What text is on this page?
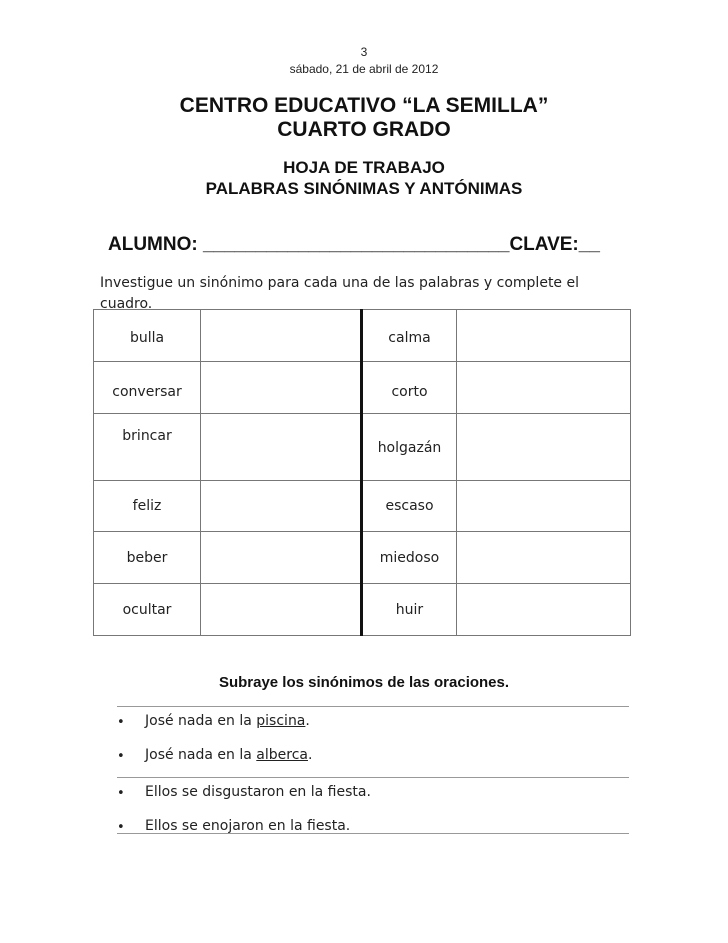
3
sábado, 21 de abril de 2012
CENTRO EDUCATIVO “LA SEMILLA”
CUARTO GRADO
HOJA DE TRABAJO
PALABRAS SINÓNIMAS Y ANTÓNIMAS
ALUMNO: _____________________________CLAVE:__
Investigue un sinónimo para cada una de las palabras y complete el cuadro.
bulla		calma	
conversar		corto	
brincar		holgazán	
feliz		escaso	
beber		miedoso	
ocultar		huir	
Subraye los sinónimos de las oraciones.
• José nada en la piscina.
• José nada en la alberca.
• Ellos se disgustaron en la fiesta.
• Ellos se enojaron en la fiesta.
